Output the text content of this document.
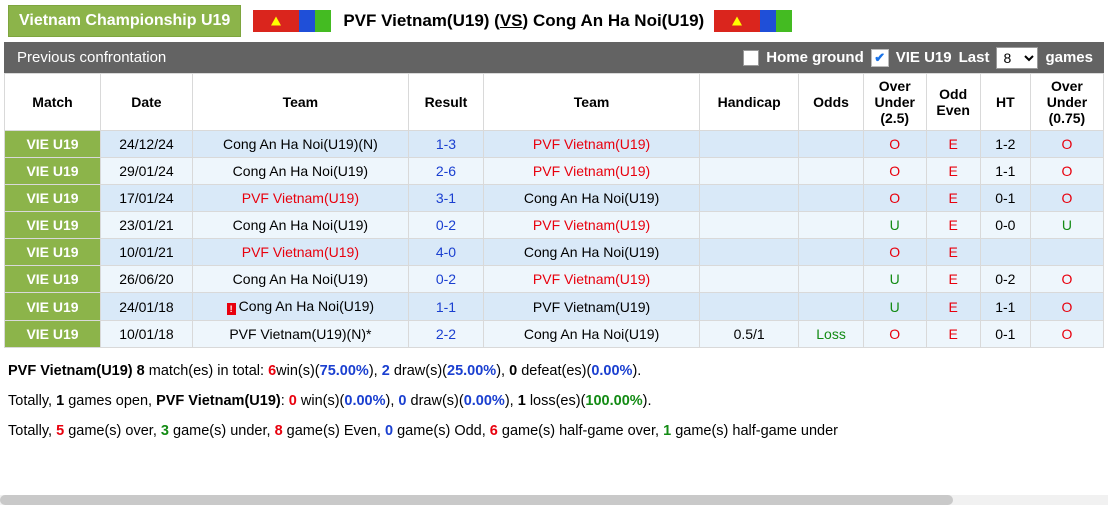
Vietnam Championship U19	PVF Vietnam(U19) (VS) Cong An Ha Noi(U19)
Previous confrontation	Home ground ✔ VIE U19 Last
8	games
Match	Date	Team	Result	Team	Handicap	Odds	Over Under (2.5)	Odd Even	HT	Over Under (0.75)
VIE U19	24/12/24	Cong An Ha Noi(U19)(N)	1-3	PVF Vietnam(U19)			O	E	1-2	O
VIE U19	29/01/24	Cong An Ha Noi(U19)	2-6	PVF Vietnam(U19)			O	E	1-1	O
VIE U19	17/01/24	PVF Vietnam(U19)	3-1	Cong An Ha Noi(U19)			O	E	0-1	O
VIE U19	23/01/21	Cong An Ha Noi(U19)	0-2	PVF Vietnam(U19)			U	E	0-0	U
VIE U19	10/01/21	PVF Vietnam(U19)	4-0	Cong An Ha Noi(U19)			O	E		
VIE U19	26/06/20	Cong An Ha Noi(U19)	0-2	PVF Vietnam(U19)			U	E	0-2	O
VIE U19	24/01/18	! Cong An Ha Noi(U19)	1-1	PVF Vietnam(U19)			U	E	1-1	O
VIE U19	10/01/18	PVF Vietnam(U19)(N)*	2-2	Cong An Ha Noi(U19)	0.5/1	Loss	O	E	0-1	O
PVF Vietnam(U19) 8 match(es) in total: 6win(s)(75.00%), 2 draw(s)(25.00%), 0 defeat(es)(0.00%).
Totally, 1 games open, PVF Vietnam(U19): 0 win(s)(0.00%), 0 draw(s)(0.00%), 1 loss(es)(100.00%).
Totally, 5 game(s) over, 3 game(s) under, 8 game(s) Even, 0 game(s) Odd, 6 game(s) half-game over, 1 game(s) half-game under
